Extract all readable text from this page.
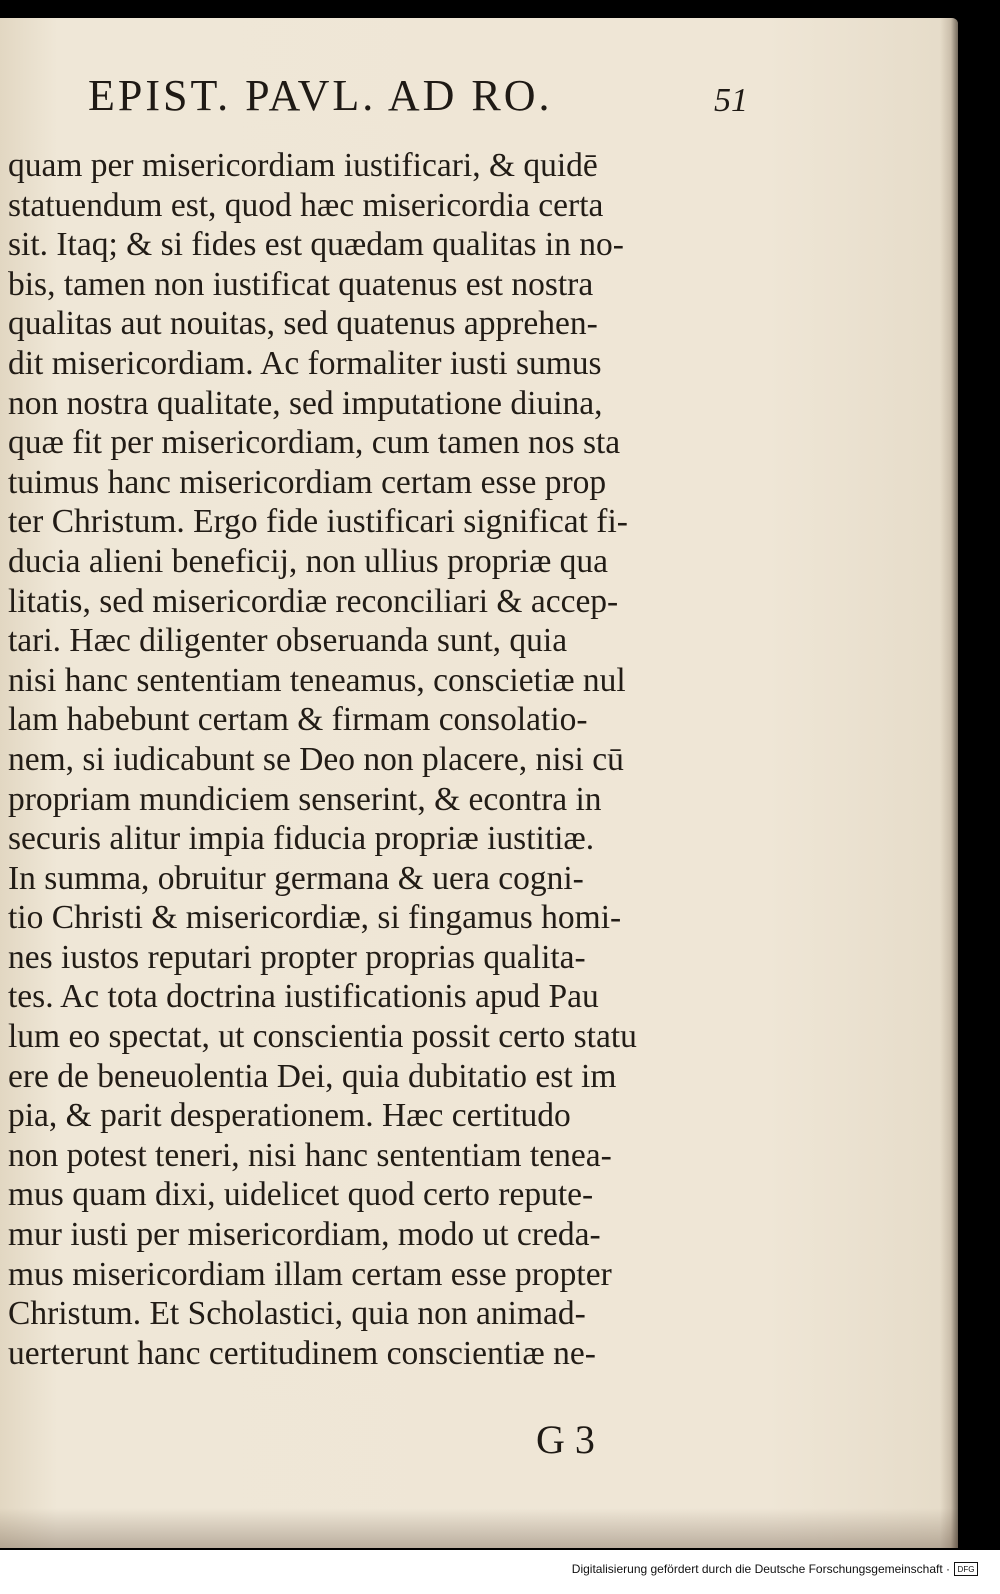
EPIST. PAVL. AD RO.	51
quam per misericordiam iustificari, & quidē
statuendum est, quod hæc misericordia certa
sit. Itaq; & si fides est quædam qualitas in no-
bis, tamen non iustificat quatenus est nostra
qualitas aut nouitas, sed quatenus apprehen-
dit misericordiam. Ac formaliter iusti sumus
non nostra qualitate, sed imputatione diuina,
quæ fit per misericordiam, cum tamen nos sta
tuimus hanc misericordiam certam esse prop
ter Christum. Ergo fide iustificari significat fi-
ducia alieni beneficij, non ullius propriæ qua
litatis, sed misericordiæ reconciliari & accep-
tari. Hæc diligenter obseruanda sunt, quia
nisi hanc sententiam teneamus, conscietiæ nul
lam habebunt certam & firmam consolatio-
nem, si iudicabunt se Deo non placere, nisi cū
propriam mundiciem senserint, & econtra in
securis alitur impia fiducia propriæ iustitiæ.
In summa, obruitur germana & uera cogni-
tio Christi & misericordiæ, si fingamus homi-
nes iustos reputari propter proprias qualita-
tes. Ac tota doctrina iustificationis apud Pau
lum eo spectat, ut conscientia possit certo statu
ere de beneuolentia Dei, quia dubitatio est im
pia, & parit desperationem. Hæc certitudo
non potest teneri, nisi hanc sententiam tenea-
mus quam dixi, uidelicet quod certo repute-
mur iusti per misericordiam, modo ut creda-
mus misericordiam illam certam esse propter
Christum. Et Scholastici, quia non animad-
uerterunt hanc certitudinem conscientiæ ne-
G 3
Digitalisierung gefördert durch die Deutsche Forschungsgemeinschaft · DFG
